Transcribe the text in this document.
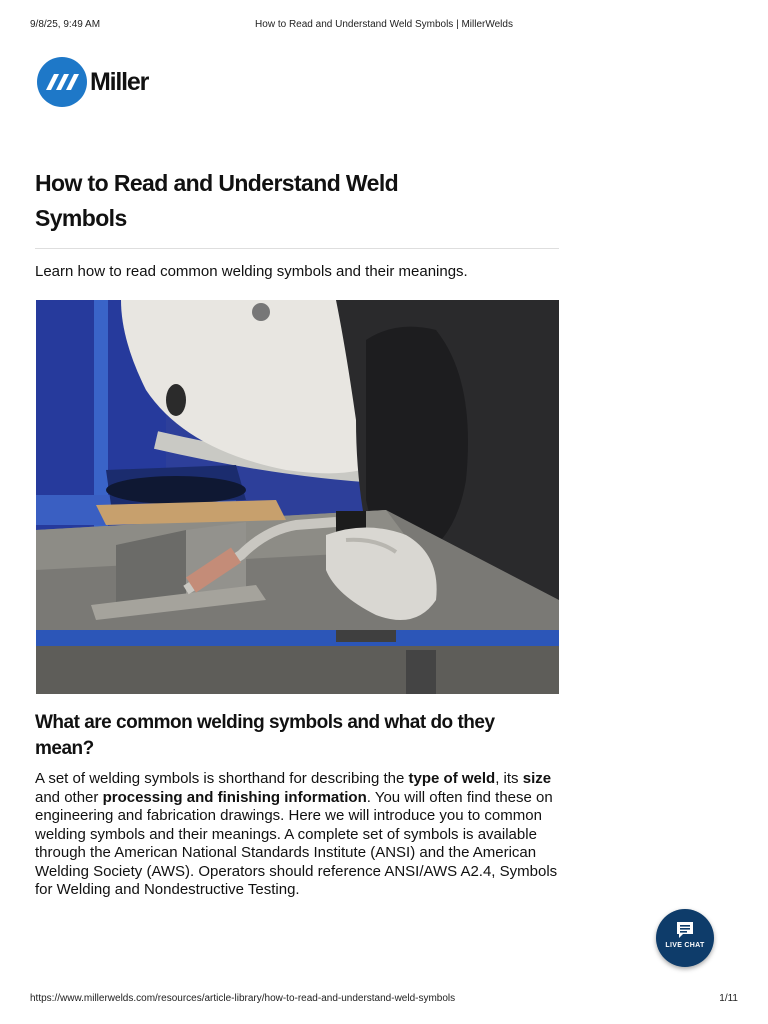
9/8/25, 9:49 AM	How to Read and Understand Weld Symbols | MillerWelds
Miller
How to Read and Understand Weld Symbols

Learn how to read common welding symbols and their meanings.

What are common welding symbols and what do they mean?

A set of welding symbols is shorthand for describing the type of weld, its size and other processing and finishing information. You will often find these on engineering and fabrication drawings. Here we will introduce you to common welding symbols and their meanings. A complete set of symbols is available through the American National Standards Institute (ANSI) and the American Welding Society (AWS). Operators should reference ANSI/AWS A2.4, Symbols for Welding and Nondestructive Testing.

LIVE CHAT
https://www.millerwelds.com/resources/article-library/how-to-read-and-understand-weld-symbols	1/11
